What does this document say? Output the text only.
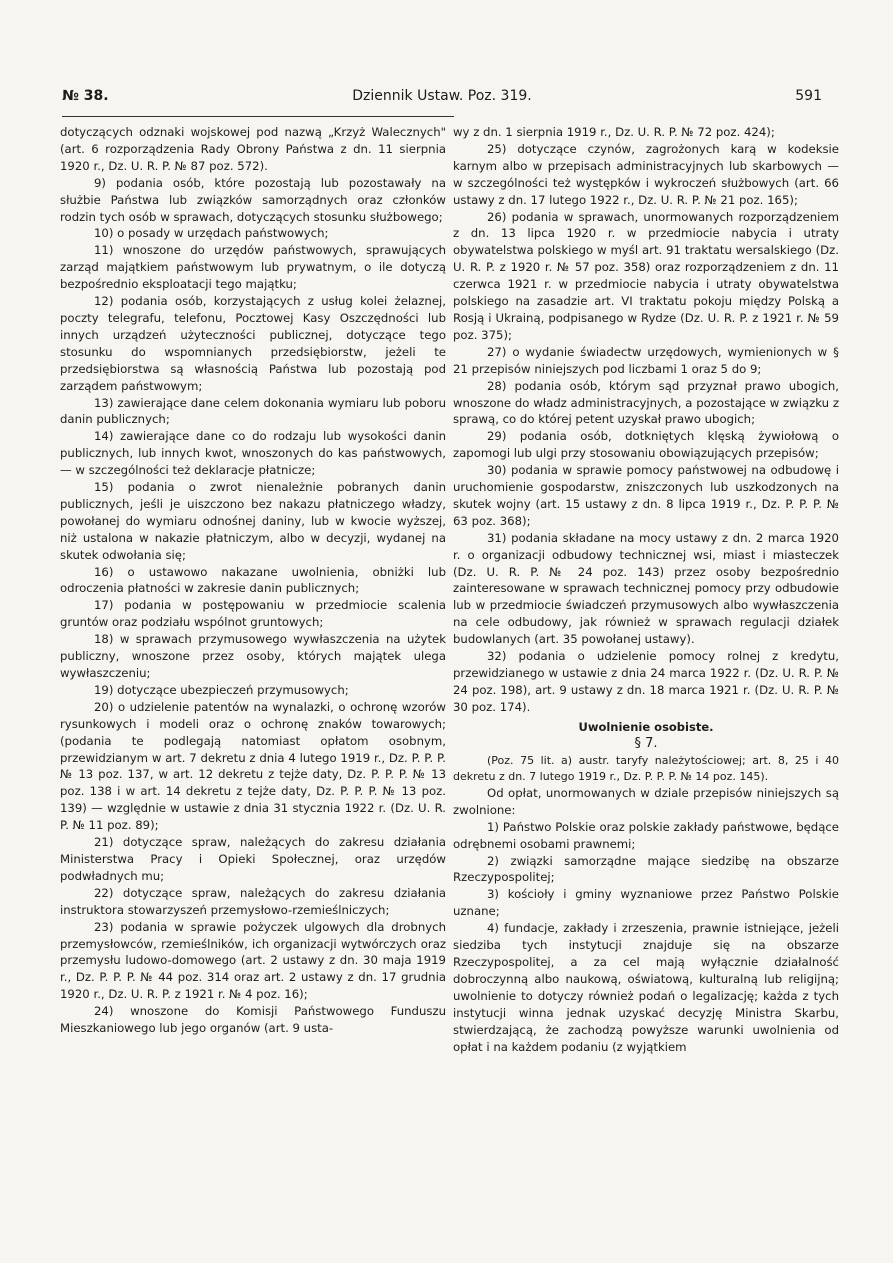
№ 38.	Dziennik Ustaw. Poz. 319.	591

dotyczących odznaki wojskowej pod nazwą „Krzyż Walecznych" (art. 6 rozporządzenia Rady Obrony Państwa z dn. 11 sierpnia 1920 r., Dz. U. R. P. № 87 poz. 572).

9) podania osób, które pozostają lub pozostawały na służbie Państwa lub związków samorządnych oraz członków rodzin tych osób w sprawach, dotyczących stosunku służbowego;

10) o posady w urzędach państwowych;

11) wnoszone do urzędów państwowych, sprawujących zarząd majątkiem państwowym lub prywatnym, o ile dotyczą bezpośrednio eksploatacji tego majątku;

12) podania osób, korzystających z usług kolei żelaznej, poczty telegrafu, telefonu, Pocztowej Kasy Oszczędności lub innych urządzeń użyteczności publicznej, dotyczące tego stosunku do wspomnianych przedsiębiorstw, jeżeli te przedsiębiorstwa są własnością Państwa lub pozostają pod zarządem państwowym;

13) zawierające dane celem dokonania wymiaru lub poboru danin publicznych;

14) zawierające dane co do rodzaju lub wysokości danin publicznych, lub innych kwot, wnoszonych do kas państwowych, — w szczególności też deklaracje płatnicze;

15) podania o zwrot nienależnie pobranych danin publicznych, jeśli je uiszczono bez nakazu płatniczego władzy, powołanej do wymiaru odnośnej daniny, lub w kwocie wyższej, niż ustalona w nakazie płatniczym, albo w decyzji, wydanej na skutek odwołania się;

16) o ustawowo nakazane uwolnienia, obniżki lub odroczenia płatności w zakresie danin publicznych;

17) podania w postępowaniu w przedmiocie scalenia gruntów oraz podziału wspólnot gruntowych;

18) w sprawach przymusowego wywłaszczenia na użytek publiczny, wnoszone przez osoby, których majątek ulega wywłaszczeniu;

19) dotyczące ubezpieczeń przymusowych;

20) o udzielenie patentów na wynalazki, o ochronę wzorów rysunkowych i modeli oraz o ochronę znaków towarowych; (podania te podlegają natomiast opłatom osobnym, przewidzianym w art. 7 dekretu z dnia 4 lutego 1919 r., Dz. P. P. P. № 13 poz. 137, w art. 12 dekretu z tejże daty, Dz. P. P. P. № 13 poz. 138 i w art. 14 dekretu z tejże daty, Dz. P. P. P. № 13 poz. 139) — względnie w ustawie z dnia 31 stycznia 1922 r. (Dz. U. R. P. № 11 poz. 89);

21) dotyczące spraw, należących do zakresu działania Ministerstwa Pracy i Opieki Społecznej, oraz urzędów podwładnych mu;

22) dotyczące spraw, należących do zakresu działania instruktora stowarzyszeń przemysłowo-rzemieślniczych;

23) podania w sprawie pożyczek ulgowych dla drobnych przemysłowców, rzemieślników, ich organizacji wytwórczych oraz przemysłu ludowo-domowego (art. 2 ustawy z dn. 30 maja 1919 r., Dz. P. P. P. № 44 poz. 314 oraz art. 2 ustawy z dn. 17 grudnia 1920 r., Dz. U. R. P. z 1921 r. № 4 poz. 16);

24) wnoszone do Komisji Państwowego Funduszu Mieszkaniowego lub jego organów (art. 9 usta-

wy z dn. 1 sierpnia 1919 r., Dz. U. R. P. № 72 poz. 424);

25) dotyczące czynów, zagrożonych karą w kodeksie karnym albo w przepisach administracyjnych lub skarbowych — w szczególności też występków i wykroczeń służbowych (art. 66 ustawy z dn. 17 lutego 1922 r., Dz. U. R. P. № 21 poz. 165);

26) podania w sprawach, unormowanych rozporządzeniem z dn. 13 lipca 1920 r. w przedmiocie nabycia i utraty obywatelstwa polskiego w myśl art. 91 traktatu wersalskiego (Dz. U. R. P. z 1920 r. № 57 poz. 358) oraz rozporządzeniem z dn. 11 czerwca 1921 r. w przedmiocie nabycia i utraty obywatelstwa polskiego na zasadzie art. VI traktatu pokoju między Polską a Rosją i Ukrainą, podpisanego w Rydze (Dz. U. R. P. z 1921 r. № 59 poz. 375);

27) o wydanie świadectw urzędowych, wymienionych w § 21 przepisów niniejszych pod liczbami 1 oraz 5 do 9;

28) podania osób, którym sąd przyznał prawo ubogich, wnoszone do władz administracyjnych, a pozostające w związku z sprawą, co do której petent uzyskał prawo ubogich;

29) podania osób, dotkniętych klęską żywiołową o zapomogi lub ulgi przy stosowaniu obowiązujących przepisów;

30) podania w sprawie pomocy państwowej na odbudowę i uruchomienie gospodarstw, zniszczonych lub uszkodzonych na skutek wojny (art. 15 ustawy z dn. 8 lipca 1919 r., Dz. P. P. P. № 63 poz. 368);

31) podania składane na mocy ustawy z dn. 2 marca 1920 r. o organizacji odbudowy technicznej wsi, miast i miasteczek (Dz. U. R. P. № 24 poz. 143) przez osoby bezpośrednio zainteresowane w sprawach technicznej pomocy przy odbudowie lub w przedmiocie świadczeń przymusowych albo wywłaszczenia na cele odbudowy, jak również w sprawach regulacji działek budowlanych (art. 35 powołanej ustawy).

32) podania o udzielenie pomocy rolnej z kredytu, przewidzianego w ustawie z dnia 24 marca 1922 r. (Dz. U. R. P. № 24 poz. 198), art. 9 ustawy z dn. 18 marca 1921 r. (Dz. U. R. P. № 30 poz. 174).

Uwolnienie osobiste.
§ 7.

(Poz. 75 lit. a) austr. taryfy należytościowej; art. 8, 25 i 40 dekretu z dn. 7 lutego 1919 r., Dz. P. P. P. № 14 poz. 145).

Od opłat, unormowanych w dziale przepisów niniejszych są zwolnione:

1) Państwo Polskie oraz polskie zakłady państwowe, będące odrębnemi osobami prawnemi;

2) związki samorządne mające siedzibę na obszarze Rzeczypospolitej;

3) kościoły i gminy wyznaniowe przez Państwo Polskie uznane;

4) fundacje, zakłady i zrzeszenia, prawnie istniejące, jeżeli siedziba tych instytucji znajduje się na obszarze Rzeczypospolitej, a za cel mają wyłącznie działalność dobroczynną albo naukową, oświatową, kulturalną lub religijną; uwolnienie to dotyczy również podań o legalizację; każda z tych instytucji winna jednak uzyskać decyzję Ministra Skarbu, stwierdzającą, że zachodzą powyższe warunki uwolnienia od opłat i na każdem podaniu (z wyjątkiem
